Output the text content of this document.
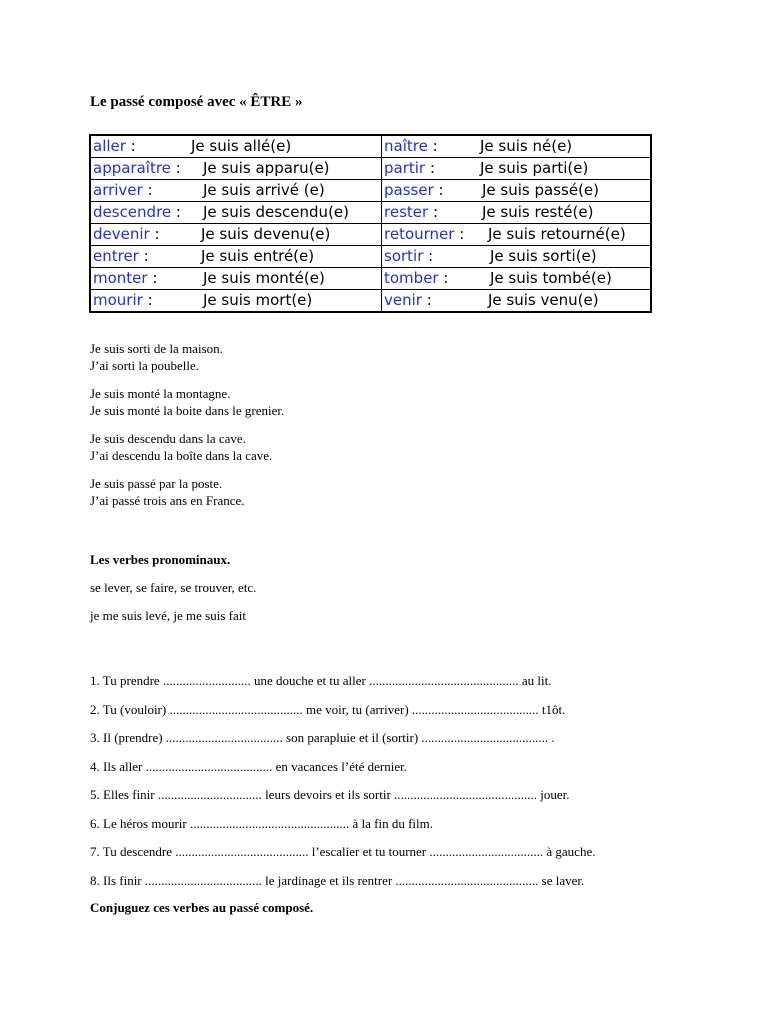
Le passé composé avec « ÊTRE »
aller : Je suis allé(e)	naître : Je suis né(e)
apparaître : Je suis apparu(e)	partir : Je suis parti(e)
arriver : Je suis arrivé (e)	passer : Je suis passé(e)
descendre : Je suis descendu(e)	rester : Je suis resté(e)
devenir : Je suis devenu(e)	retourner : Je suis retourné(e)
entrer : Je suis entré(e)	sortir : Je suis sorti(e)
monter : Je suis monté(e)	tomber : Je suis tombé(e)
mourir : Je suis mort(e)	venir : Je suis venu(e)

Je suis sorti de la maison.
J’ai sorti la poubelle.

Je suis monté la montagne.
Je suis monté la boite dans le grenier.

Je suis descendu dans la cave.
J’ai descendu la boîte dans la cave.

Je suis passé par la poste.
J’ai passé trois ans en France.

Les verbes pronominaux.

se lever, se faire, se trouver, etc.

je me suis levé, je me suis fait

1. Tu prendre ........................... une douche et tu aller .............................................. au lit.
2. Tu (vouloir) ......................................... me voir, tu (arriver) ....................................... t1ôt.
3. Il (prendre) .................................... son parapluie et il (sortir) ....................................... .
4. Ils aller ....................................... en vacances l’été dernier.
5. Elles finir ................................ leurs devoirs et ils sortir ............................................ jouer.
6. Le héros mourir ................................................. à la fin du film.
7. Tu descendre ......................................... l’escalier et tu tourner ................................... à gauche.
8. Ils finir .................................... le jardinage et ils rentrer ............................................ se laver.

Conjuguez ces verbes au passé composé.
